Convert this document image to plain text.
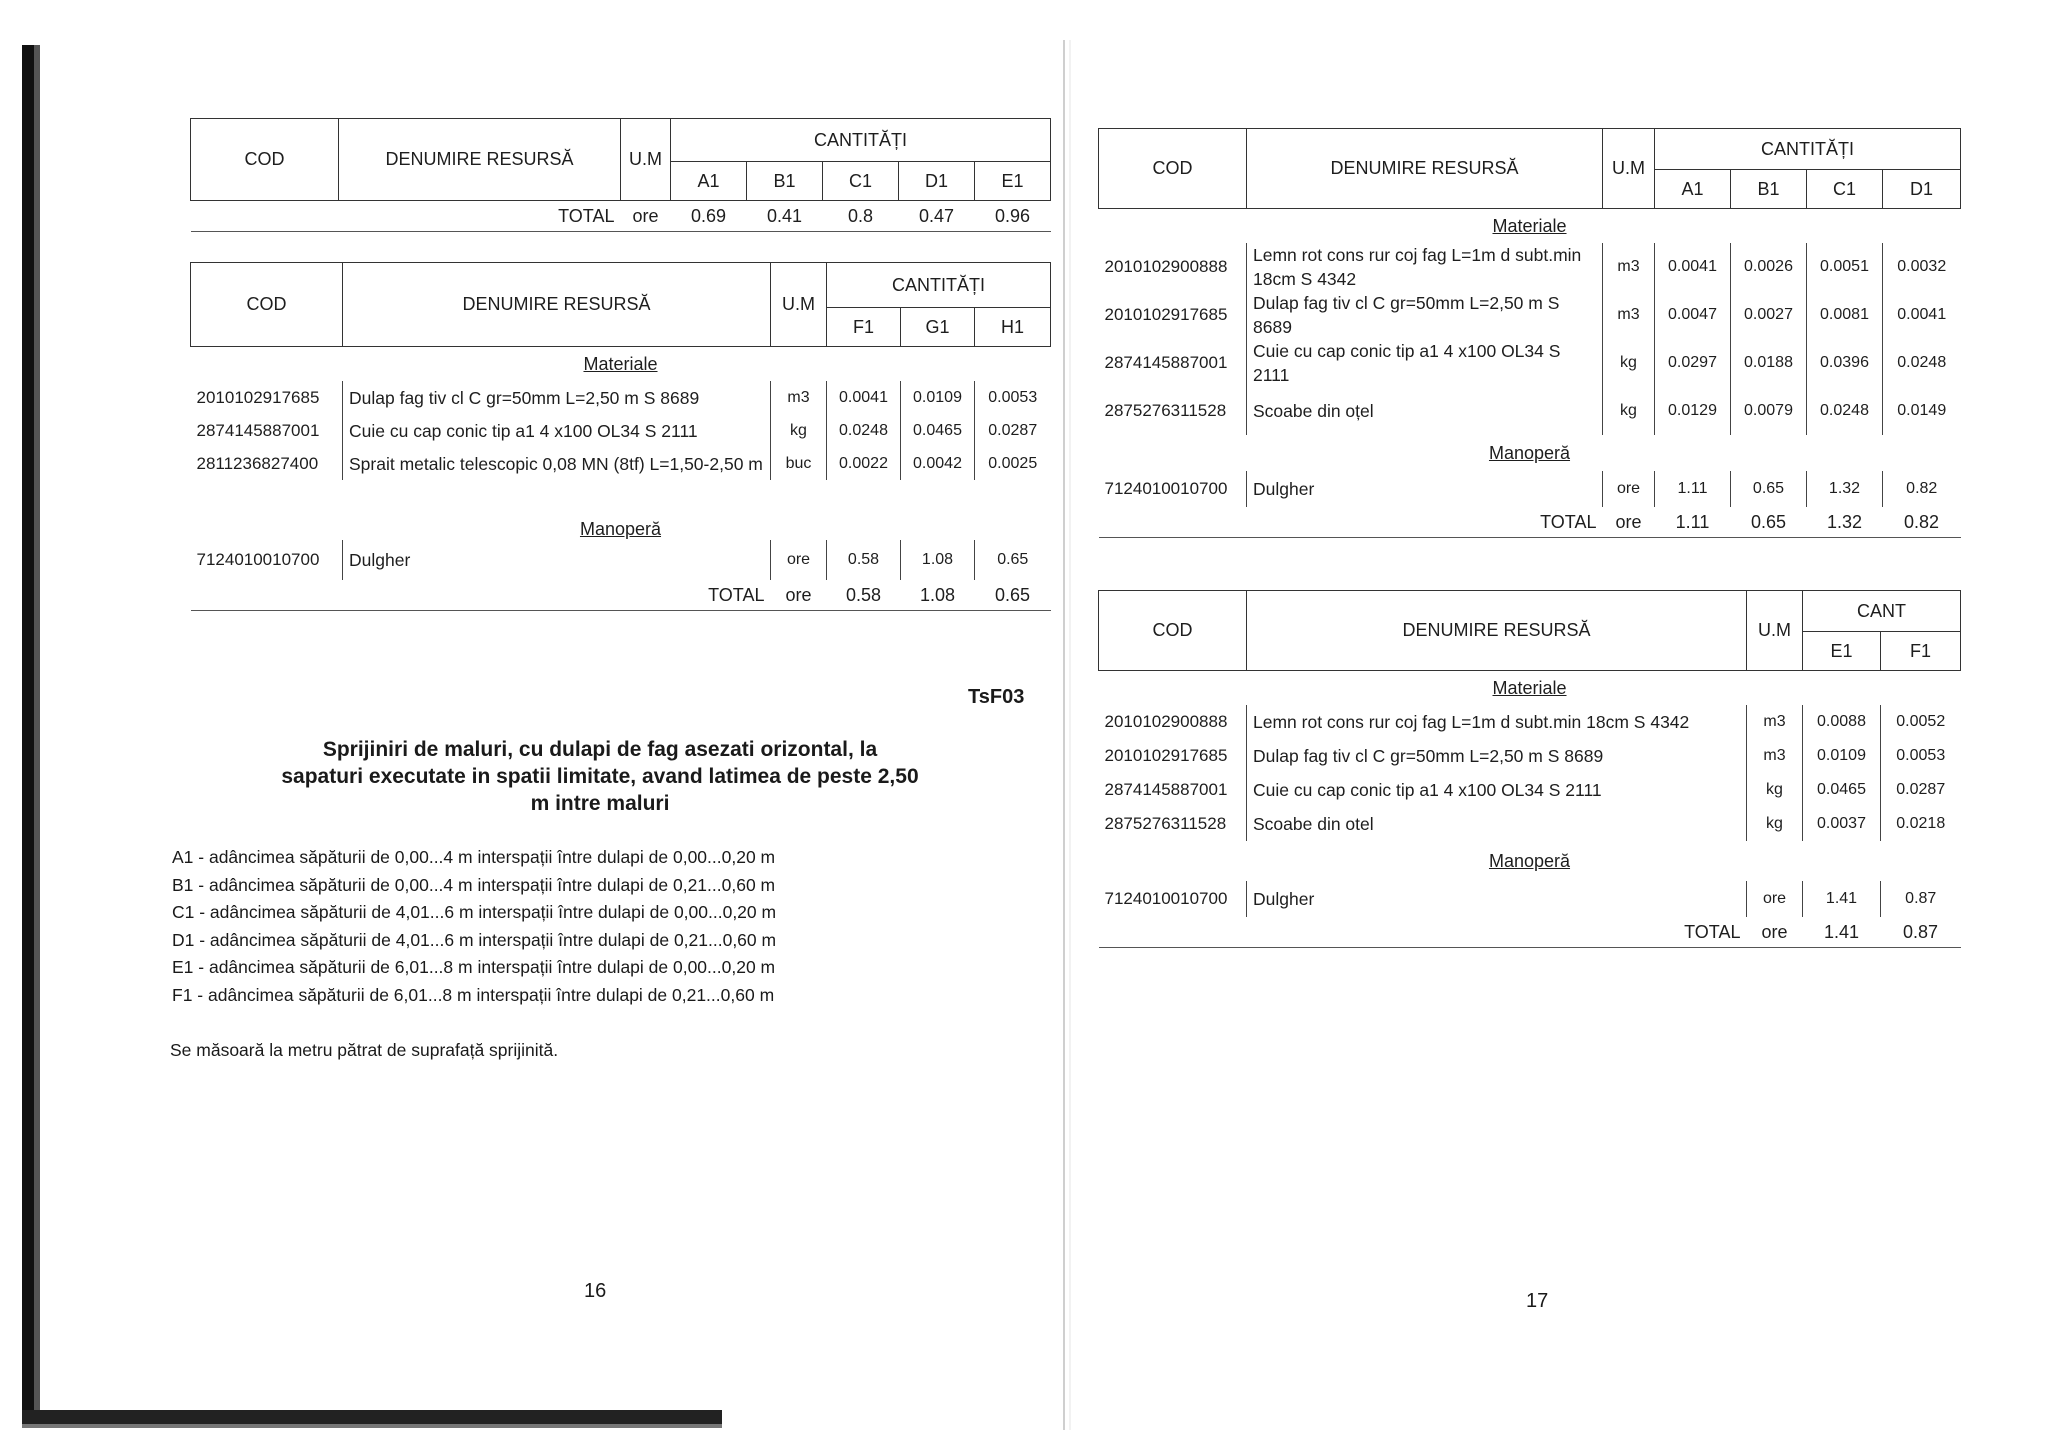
COD	DENUMIRE RESURSĂ	U.M	CANTITĂȚI				
			A1	B1	C1	D1	E1
TOTAL		ore	0.69	0.41	0.8	0.47	0.96
COD	DENUMIRE RESURSĂ	U.M	CANTITĂȚI		
			F1	G1	H1
Materiale					
2010102917685	Dulap fag tiv cl C gr=50mm L=2,50 m S 8689	m3	0.0041	0.0109	0.0053
2874145887001	Cuie cu cap conic tip a1 4 x100 OL34 S 2111	kg	0.0248	0.0465	0.0287
2811236827400	Sprait metalic telescopic 0,08 MN (8tf) L=1,50-2,50 m	buc	0.0022	0.0042	0.0025
Manoperă					
7124010010700	Dulgher	ore	0.58	1.08	0.65
TOTAL		ore	0.58	1.08	0.65
TsF03
Sprijiniri de maluri, cu dulapi de fag asezati orizontal, la sapaturi executate in spatii limitate, avand latimea de peste 2,50 m intre maluri
A1 - adâncimea săpăturii de 0,00...4 m interspații între dulapi de 0,00...0,20 m
B1 - adâncimea săpăturii de 0,00...4 m interspații între dulapi de 0,21...0,60 m
C1 - adâncimea săpăturii de 4,01...6 m interspații între dulapi de 0,00...0,20 m
D1 - adâncimea săpăturii de 4,01...6 m interspații între dulapi de 0,21...0,60 m
E1 - adâncimea săpăturii de 6,01...8 m interspații între dulapi de 0,00...0,20 m
F1 - adâncimea săpăturii de 6,01...8 m interspații între dulapi de 0,21...0,60 m
Se măsoară la metru pătrat de suprafață sprijinită.
16
COD	DENUMIRE RESURSĂ	U.M	CANTITĂȚI			
			A1	B1	C1	D1
Materiale						
2010102900888	Lemn rot cons rur coj fag L=1m d subt.min 18cm S 4342	m3	0.0041	0.0026	0.0051	0.0032
2010102917685	Dulap fag tiv cl C gr=50mm L=2,50 m S 8689	m3	0.0047	0.0027	0.0081	0.0041
2874145887001	Cuie cu cap conic tip a1 4 x100 OL34 S 2111	kg	0.0297	0.0188	0.0396	0.0248
2875276311528	Scoabe din oțel	kg	0.0129	0.0079	0.0248	0.0149
Manoperă						
7124010010700	Dulgher	ore	1.11	0.65	1.32	0.82
TOTAL		ore	1.11	0.65	1.32	0.82
COD	DENUMIRE RESURSĂ	U.M	CANT	
			E1	F1
Materiale				
2010102900888	Lemn rot cons rur coj fag L=1m d subt.min 18cm S 4342	m3	0.0088	0.0052
2010102917685	Dulap fag tiv cl C gr=50mm L=2,50 m S 8689	m3	0.0109	0.0053
2874145887001	Cuie cu cap conic tip a1 4 x100 OL34 S 2111	kg	0.0465	0.0287
2875276311528	Scoabe din otel	kg	0.0037	0.0218
Manoperă				
7124010010700	Dulgher	ore	1.41	0.87
TOTAL		ore	1.41	0.87
17
